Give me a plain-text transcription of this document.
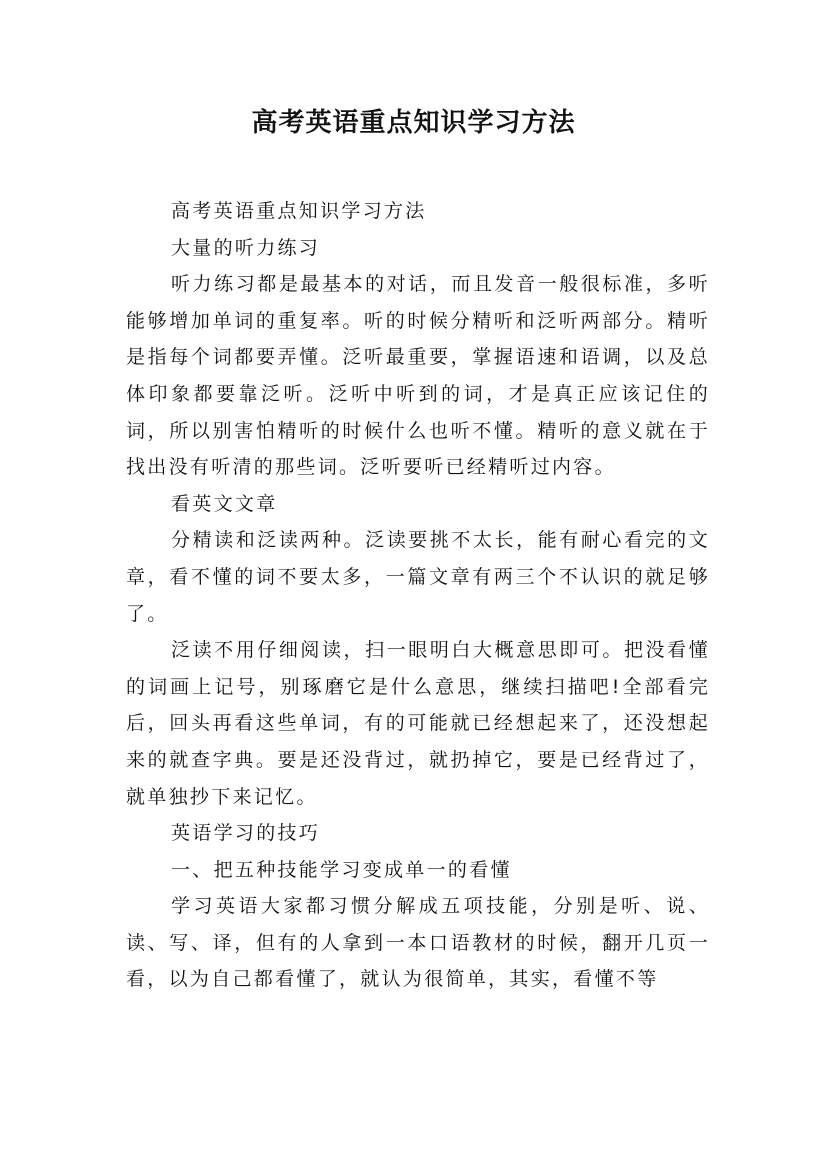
高考英语重点知识学习方法

高考英语重点知识学习方法

大量的听力练习

听力练习都是最基本的对话，而且发音一般很标准，多听能够增加单词的重复率。听的时候分精听和泛听两部分。精听是指每个词都要弄懂。泛听最重要，掌握语速和语调，以及总体印象都要靠泛听。泛听中听到的词，才是真正应该记住的词，所以别害怕精听的时候什么也听不懂。精听的意义就在于找出没有听清的那些词。泛听要听已经精听过内容。

看英文文章

分精读和泛读两种。泛读要挑不太长，能有耐心看完的文章，看不懂的词不要太多，一篇文章有两三个不认识的就足够了。

泛读不用仔细阅读，扫一眼明白大概意思即可。把没看懂的词画上记号，别琢磨它是什么意思，继续扫描吧!全部看完后，回头再看这些单词，有的可能就已经想起来了，还没想起来的就查字典。要是还没背过，就扔掉它，要是已经背过了，就单独抄下来记忆。

英语学习的技巧

一、把五种技能学习变成单一的看懂

学习英语大家都习惯分解成五项技能，分别是听、说、读、写、译，但有的人拿到一本口语教材的时候，翻开几页一看，以为自己都看懂了，就认为很简单，其实，看懂不等
